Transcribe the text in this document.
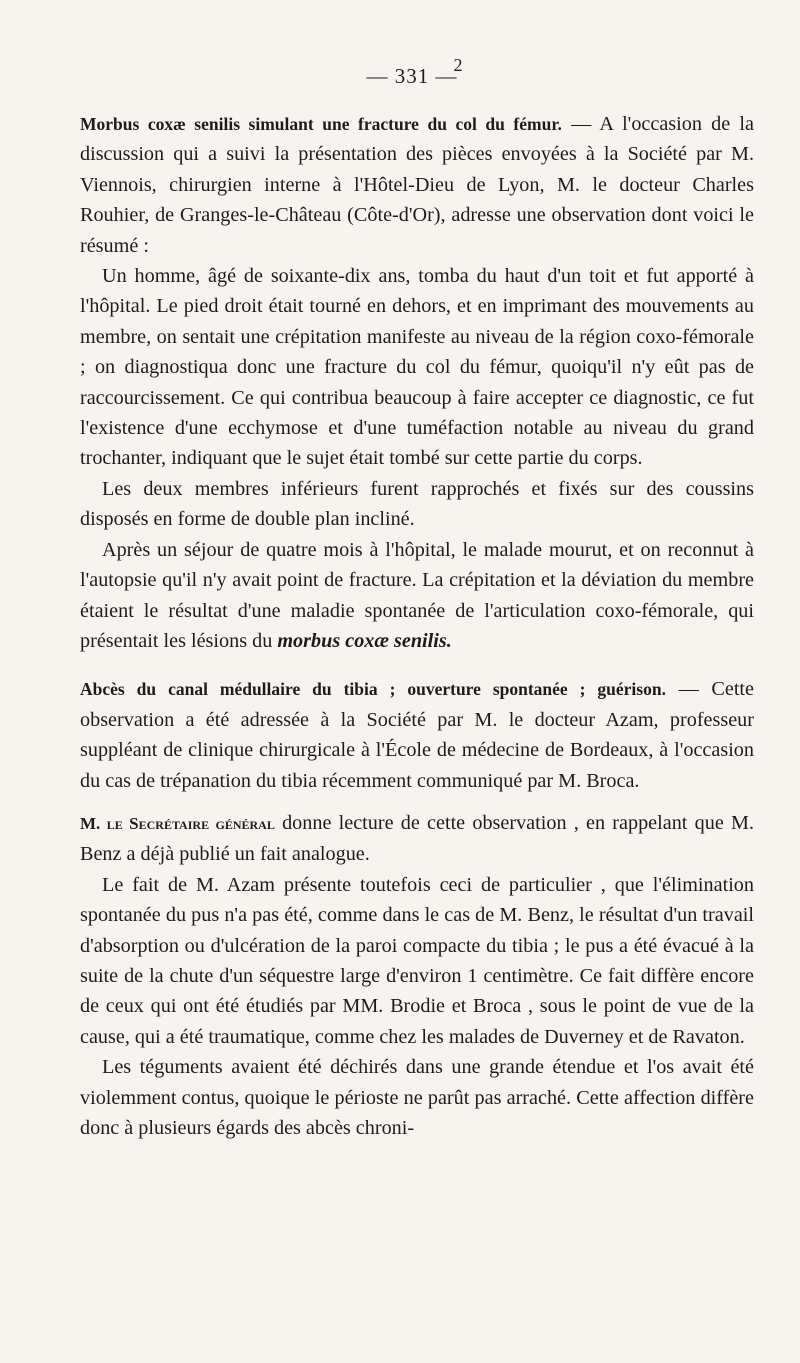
— 331 —2

Morbus coxæ senilis simulant une fracture du col du fémur. — A l'occasion de la discussion qui a suivi la présentation des pièces envoyées à la Société par M. Viennois, chirurgien interne à l'Hôtel-Dieu de Lyon, M. le docteur Charles Rouhier, de Granges-le-Château (Côte-d'Or), adresse une observation dont voici le résumé :

Un homme, âgé de soixante-dix ans, tomba du haut d'un toit et fut apporté à l'hôpital. Le pied droit était tourné en dehors, et en imprimant des mouvements au membre, on sentait une crépitation manifeste au niveau de la région coxo-fémorale ; on diagnostiqua donc une fracture du col du fémur, quoiqu'il n'y eût pas de raccourcissement. Ce qui contribua beaucoup à faire accepter ce diagnostic, ce fut l'existence d'une ecchymose et d'une tuméfaction notable au niveau du grand trochanter, indiquant que le sujet était tombé sur cette partie du corps.

Les deux membres inférieurs furent rapprochés et fixés sur des coussins disposés en forme de double plan incliné.

Après un séjour de quatre mois à l'hôpital, le malade mourut, et on reconnut à l'autopsie qu'il n'y avait point de fracture. La crépitation et la déviation du membre étaient le résultat d'une maladie spontanée de l'articulation coxo-fémorale, qui présentait les lésions du morbus coxæ senilis.

Abcès du canal médullaire du tibia ; ouverture spontanée ; guérison. — Cette observation a été adressée à la Société par M. le docteur Azam, professeur suppléant de clinique chirurgicale à l'École de médecine de Bordeaux, à l'occasion du cas de trépanation du tibia récemment communiqué par M. Broca.

M. le Secrétaire général donne lecture de cette observation , en rappelant que M. Benz a déjà publié un fait analogue.

Le fait de M. Azam présente toutefois ceci de particulier , que l'élimination spontanée du pus n'a pas été, comme dans le cas de M. Benz, le résultat d'un travail d'absorption ou d'ulcération de la paroi compacte du tibia ; le pus a été évacué à la suite de la chute d'un séquestre large d'environ 1 centimètre. Ce fait diffère encore de ceux qui ont été étudiés par MM. Brodie et Broca , sous le point de vue de la cause, qui a été traumatique, comme chez les malades de Duverney et de Ravaton.

Les téguments avaient été déchirés dans une grande étendue et l'os avait été violemment contus, quoique le périoste ne parût pas arraché. Cette affection diffère donc à plusieurs égards des abcès chroni-
